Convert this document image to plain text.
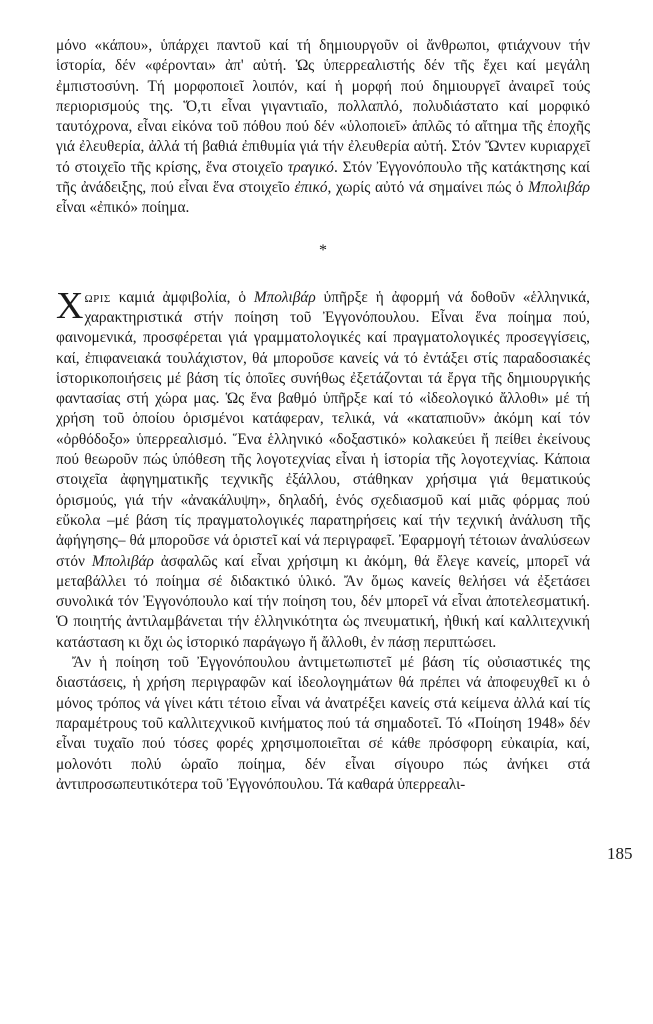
μόνο «κάπου», ὑπάρχει παντοῦ καί τή δημιουργοῦν οἱ ἄνθρωποι, φτιάχνουν τήν ἱστορία, δέν «φέρονται» ἀπ' αὐτή. Ὡς ὑπερρεαλιστής δέν τῆς ἔχει καί μεγάλη ἐμπιστοσύνη. Τή μορφοποιεῖ λοιπόν, καί ἡ μορφή πού δημιουργεῖ ἀναιρεῖ τούς περιορισμούς της. Ὅ,τι εἶναι γιγαντιαῖο, πολλαπλό, πολυδιάστατο καί μορφικό ταυτόχρονα, εἶναι εἰκόνα τοῦ πόθου πού δέν «ὑλοποιεῖ» ἁπλῶς τό αἴτημα τῆς ἐποχῆς γιά ἐλευθερία, ἀλλά τή βαθιά ἐπιθυμία γιά τήν ἐλευθερία αὐτή. Στόν Ὤντεν κυριαρχεῖ τό στοιχεῖο τῆς κρίσης, ἕνα στοιχεῖο τραγικό. Στόν Ἐγγονόπουλο τῆς κατάκτησης καί τῆς ἀνάδειξης, πού εἶναι ἕνα στοιχεῖο ἐπικό, χωρίς αὐτό νά σημαίνει πώς ὁ Μπολιβάρ εἶναι «ἐπικό» ποίημα.

*

Χωρις καμιά ἀμφιβολία, ὁ Μπολιβάρ ὑπῆρξε ἡ ἀφορμή νά δοθοῦν «ἑλληνικά, χαρακτηριστικά στήν ποίηση τοῦ Ἐγγονόπουλου. Εἶναι ἕνα ποίημα πού, φαινομενικά, προσφέρεται γιά γραμματολογικές καί πραγματολογικές προσεγγίσεις, καί, ἐπιφανειακά τουλάχιστον, θά μποροῦσε κανείς νά τό ἐντάξει στίς παραδοσιακές ἱστορικοποιήσεις μέ βάση τίς ὁποῖες συνήθως ἐξετάζονται τά ἔργα τῆς δημιουργικής φαντασίας στή χώρα μας. Ὡς ἕνα βαθμό ὑπῆρξε καί τό «ἰδεολογικό ἄλλοθι» μέ τή χρήση τοῦ ὁποίου ὁρισμένοι κατάφεραν, τελικά, νά «καταπιοῦν» ἀκόμη καί τόν «ὀρθόδοξο» ὑπερρεαλισμό. Ἕνα ἑλληνικό «δοξαστικό» κολακεύει ἤ πείθει ἐκείνους πού θεωροῦν πώς ὑπόθεση τῆς λογοτεχνίας εἶναι ἡ ἱστορία τῆς λογοτεχνίας. Κάποια στοιχεῖα ἀφηγηματικῆς τεχνικῆς ἐξάλλου, στάθηκαν χρήσιμα γιά θεματικούς ὁρισμούς, γιά τήν «ἀνακάλυψη», δηλαδή, ἑνός σχεδιασμοῦ καί μιᾶς φόρμας πού εὔκολα –μέ βάση τίς πραγματολογικές παρατηρήσεις καί τήν τεχνική ἀνάλυση τῆς ἀφήγησης– θά μποροῦσε νά ὁριστεῖ καί νά περιγραφεῖ. Ἐφαρμογή τέτοιων ἀναλύσεων στόν Μπολιβάρ ἀσφαλῶς καί εἶναι χρήσιμη κι ἀκόμη, θά ἔλεγε κανείς, μπορεῖ νά μεταβάλλει τό ποίημα σέ διδακτικό ὑλικό. Ἄν ὅμως κανείς θελήσει νά ἐξετάσει συνολικά τόν Ἐγγονόπουλο καί τήν ποίηση του, δέν μπορεῖ νά εἶναι ἀποτελεσματική. Ὁ ποιητής ἀντιλαμβάνεται τήν ἑλληνικότητα ὡς πνευματική, ἠθική καί καλλιτεχνική κατάσταση κι ὄχι ὡς ἱστορικό παράγωγο ἤ ἄλλοθι, ἐν πάσῃ περιπτώσει.

Ἄν ἡ ποίηση τοῦ Ἐγγονόπουλου ἀντιμετωπιστεῖ μέ βάση τίς οὐσιαστικές της διαστάσεις, ἡ χρήση περιγραφῶν καί ἰδεολογημάτων θά πρέπει νά ἀποφευχθεῖ κι ὁ μόνος τρόπος νά γίνει κάτι τέτοιο εἶναι νά ἀνατρέξει κανείς στά κείμενα ἀλλά καί τίς παραμέτρους τοῦ καλλιτεχνικοῦ κινήματος πού τά σημαδοτεῖ. Τό «Ποίηση 1948» δέν εἶναι τυχαῖο πού τόσες φορές χρησιμοποιεῖται σέ κάθε πρόσφορη εὐκαιρία, καί, μολονότι πολύ ὡραῖο ποίημα, δέν εἶναι σίγουρο πώς ἀνήκει στά ἀντιπροσωπευτικότερα τοῦ Ἐγγονόπουλου. Τά καθαρά ὑπερρεαλι-

185
